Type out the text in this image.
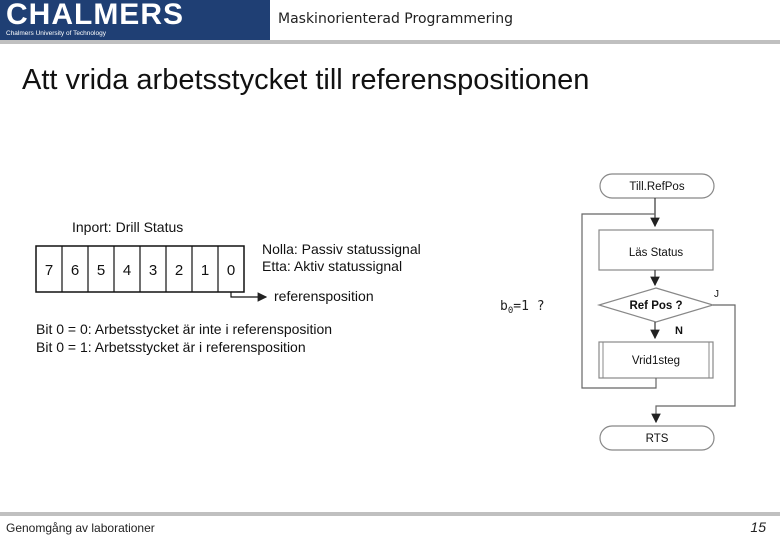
CHALMERS
Chalmers University of Technology
Maskinorienterad Programmering
Att vrida arbetsstycket till referenspositionen
Inport: Drill Status
7 6 5 4 3 2 1 0
Nolla: Passiv statussignal
Etta: Aktiv statussignal
referensposition
Bit 0 = 0: Arbetsstycket är inte i referensposition
Bit 0 = 1: Arbetsstycket är i referensposition
$b_0=1$ ?
Till.RefPos
Läs Status
Ref Pos ?
J
N
Vrid1steg
RTS
Genomgång av laborationer	15
